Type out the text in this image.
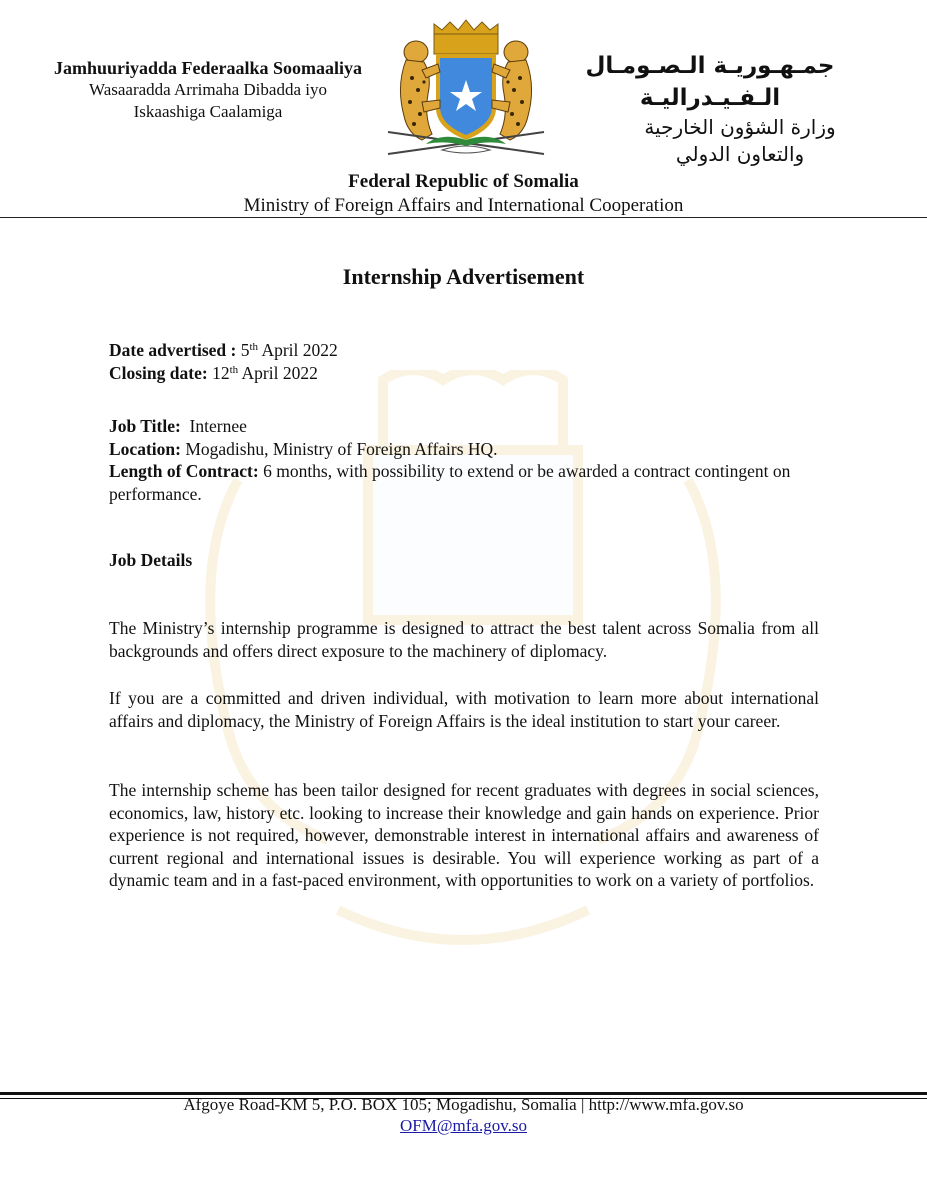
Jamhuuriyadda Federaalka Soomaaliya
Wasaaradda Arrimaha Dibadda iyo
Iskaashiga Caalamiga
جمـهـوريـة الـصـومـال الـفـيـدراليـة
وزارة الشؤون الخارجية
والتعاون الدولي
Federal Republic of Somalia
Ministry of Foreign Affairs and International Cooperation
Internship Advertisement
Date advertised : 5th April 2022
Closing date: 12th April 2022
Job Title: Internee
Location: Mogadishu, Ministry of Foreign Affairs HQ.
Length of Contract: 6 months, with possibility to extend or be awarded a contract contingent on performance.
Job Details
The Ministry’s internship programme is designed to attract the best talent across Somalia from all backgrounds and offers direct exposure to the machinery of diplomacy.
If you are a committed and driven individual, with motivation to learn more about international affairs and diplomacy, the Ministry of Foreign Affairs is the ideal institution to start your career.
The internship scheme has been tailor designed for recent graduates with degrees in social sciences, economics, law, history etc. looking to increase their knowledge and gain hands on experience. Prior experience is not required, however, demonstrable interest in international affairs and awareness of current regional and international issues is desirable. You will experience working as part of a dynamic team and in a fast-paced environment, with opportunities to work on a variety of portfolios.
Afgoye Road-KM 5, P.O. BOX 105; Mogadishu, Somalia | http://www.mfa.gov.so
OFM@mfa.gov.so
